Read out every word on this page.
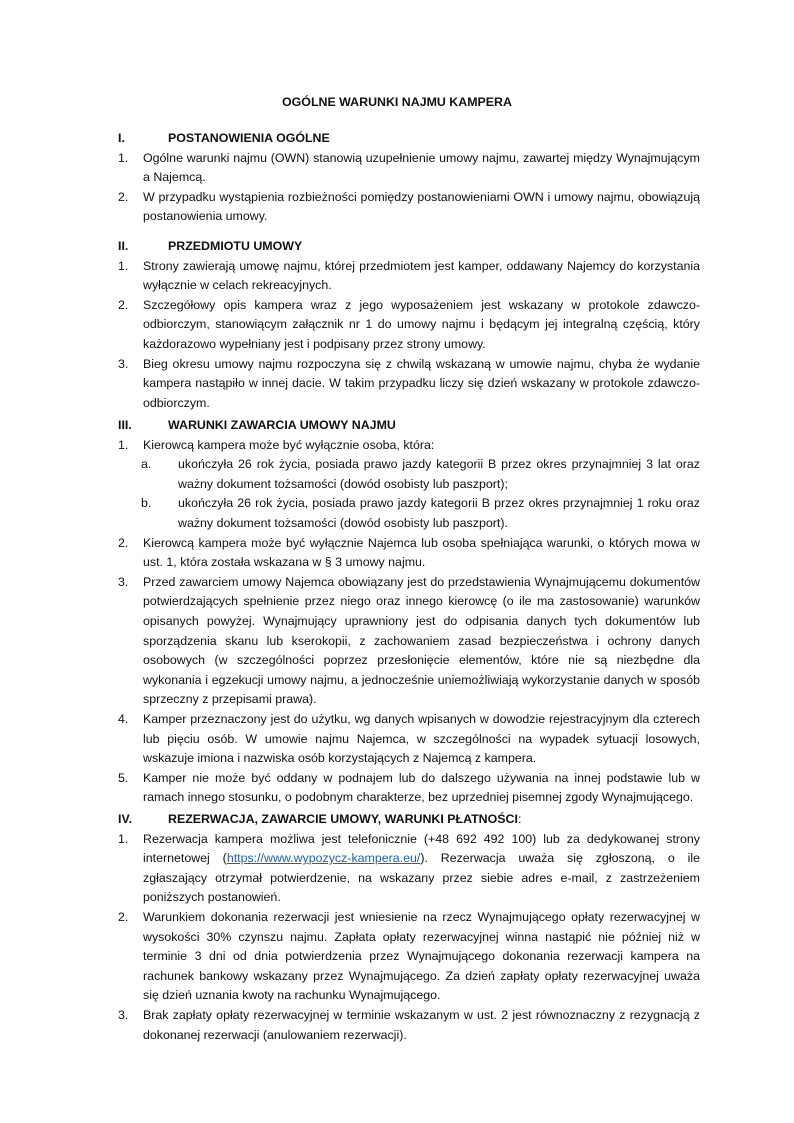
OGÓLNE WARUNKI NAJMU KAMPERA
I.	POSTANOWIENIA OGÓLNE
1. Ogólne warunki najmu (OWN) stanowią uzupełnienie umowy najmu, zawartej między Wynajmującym a Najemcą.
2. W przypadku wystąpienia rozbieżności pomiędzy postanowieniami OWN i umowy najmu, obowiązują postanowienia umowy.
II.	PRZEDMIOTU UMOWY
1. Strony zawierają umowę najmu, której przedmiotem jest kamper, oddawany Najemcy do korzystania wyłącznie w celach rekreacyjnych.
2. Szczegółowy opis kampera wraz z jego wyposażeniem jest wskazany w protokole zdawczo-odbiorczym, stanowiącym załącznik nr 1 do umowy najmu i będącym jej integralną częścią, który każdorazowo wypełniany jest i podpisany przez strony umowy.
3. Bieg okresu umowy najmu rozpoczyna się z chwilą wskazaną w umowie najmu, chyba że wydanie kampera nastąpiło w innej dacie. W takim przypadku liczy się dzień wskazany w protokole zdawczo-odbiorczym.
III.	WARUNKI ZAWARCIA UMOWY NAJMU
1. Kierowcą kampera może być wyłącznie osoba, która:
a. ukończyła 26 rok życia, posiada prawo jazdy kategorii B przez okres przynajmniej 3 lat oraz ważny dokument tożsamości (dowód osobisty lub paszport);
b. ukończyła 26 rok życia, posiada prawo jazdy kategorii B przez okres przynajmniej 1 roku oraz ważny dokument tożsamości (dowód osobisty lub paszport).
2. Kierowcą kampera może być wyłącznie Najemca lub osoba spełniająca warunki, o których mowa w ust. 1, która została wskazana w § 3 umowy najmu.
3. Przed zawarciem umowy Najemca obowiązany jest do przedstawienia Wynajmującemu dokumentów potwierdzających spełnienie przez niego oraz innego kierowcę (o ile ma zastosowanie) warunków opisanych powyżej. Wynajmujący uprawniony jest do odpisania danych tych dokumentów lub sporządzenia skanu lub kserokopii, z zachowaniem zasad bezpieczeństwa i ochrony danych osobowych (w szczególności poprzez przesłonięcie elementów, które nie są niezbędne dla wykonania i egzekucji umowy najmu, a jednocześnie uniemożliwiają wykorzystanie danych w sposób sprzeczny z przepisami prawa).
4. Kamper przeznaczony jest do użytku, wg danych wpisanych w dowodzie rejestracyjnym dla czterech lub pięciu osób. W umowie najmu Najemca, w szczególności na wypadek sytuacji losowych, wskazuje imiona i nazwiska osób korzystających z Najemcą z kampera.
5. Kamper nie może być oddany w podnajem lub do dalszego używania na innej podstawie lub w ramach innego stosunku, o podobnym charakterze, bez uprzedniej pisemnej zgody Wynajmującego.
IV.	REZERWACJA, ZAWARCIE UMOWY, WARUNKI PŁATNOŚCI:
1. Rezerwacja kampera możliwa jest telefonicznie (+48 692 492 100) lub za dedykowanej strony internetowej (https://www.wypozycz-kampera.eu/). Rezerwacja uważa się zgłoszoną, o ile zgłaszający otrzymał potwierdzenie, na wskazany przez siebie adres e-mail, z zastrzeżeniem poniższych postanowień.
2. Warunkiem dokonania rezerwacji jest wniesienie na rzecz Wynajmującego opłaty rezerwacyjnej w wysokości 30% czynszu najmu. Zapłata opłaty rezerwacyjnej winna nastąpić nie później niż w terminie 3 dni od dnia potwierdzenia przez Wynajmującego dokonania rezerwacji kampera na rachunek bankowy wskazany przez Wynajmującego. Za dzień zapłaty opłaty rezerwacyjnej uważa się dzień uznania kwoty na rachunku Wynajmującego.
3. Brak zapłaty opłaty rezerwacyjnej w terminie wskazanym w ust. 2 jest równoznaczny z rezygnacją z dokonanej rezerwacji (anulowaniem rezerwacji).
